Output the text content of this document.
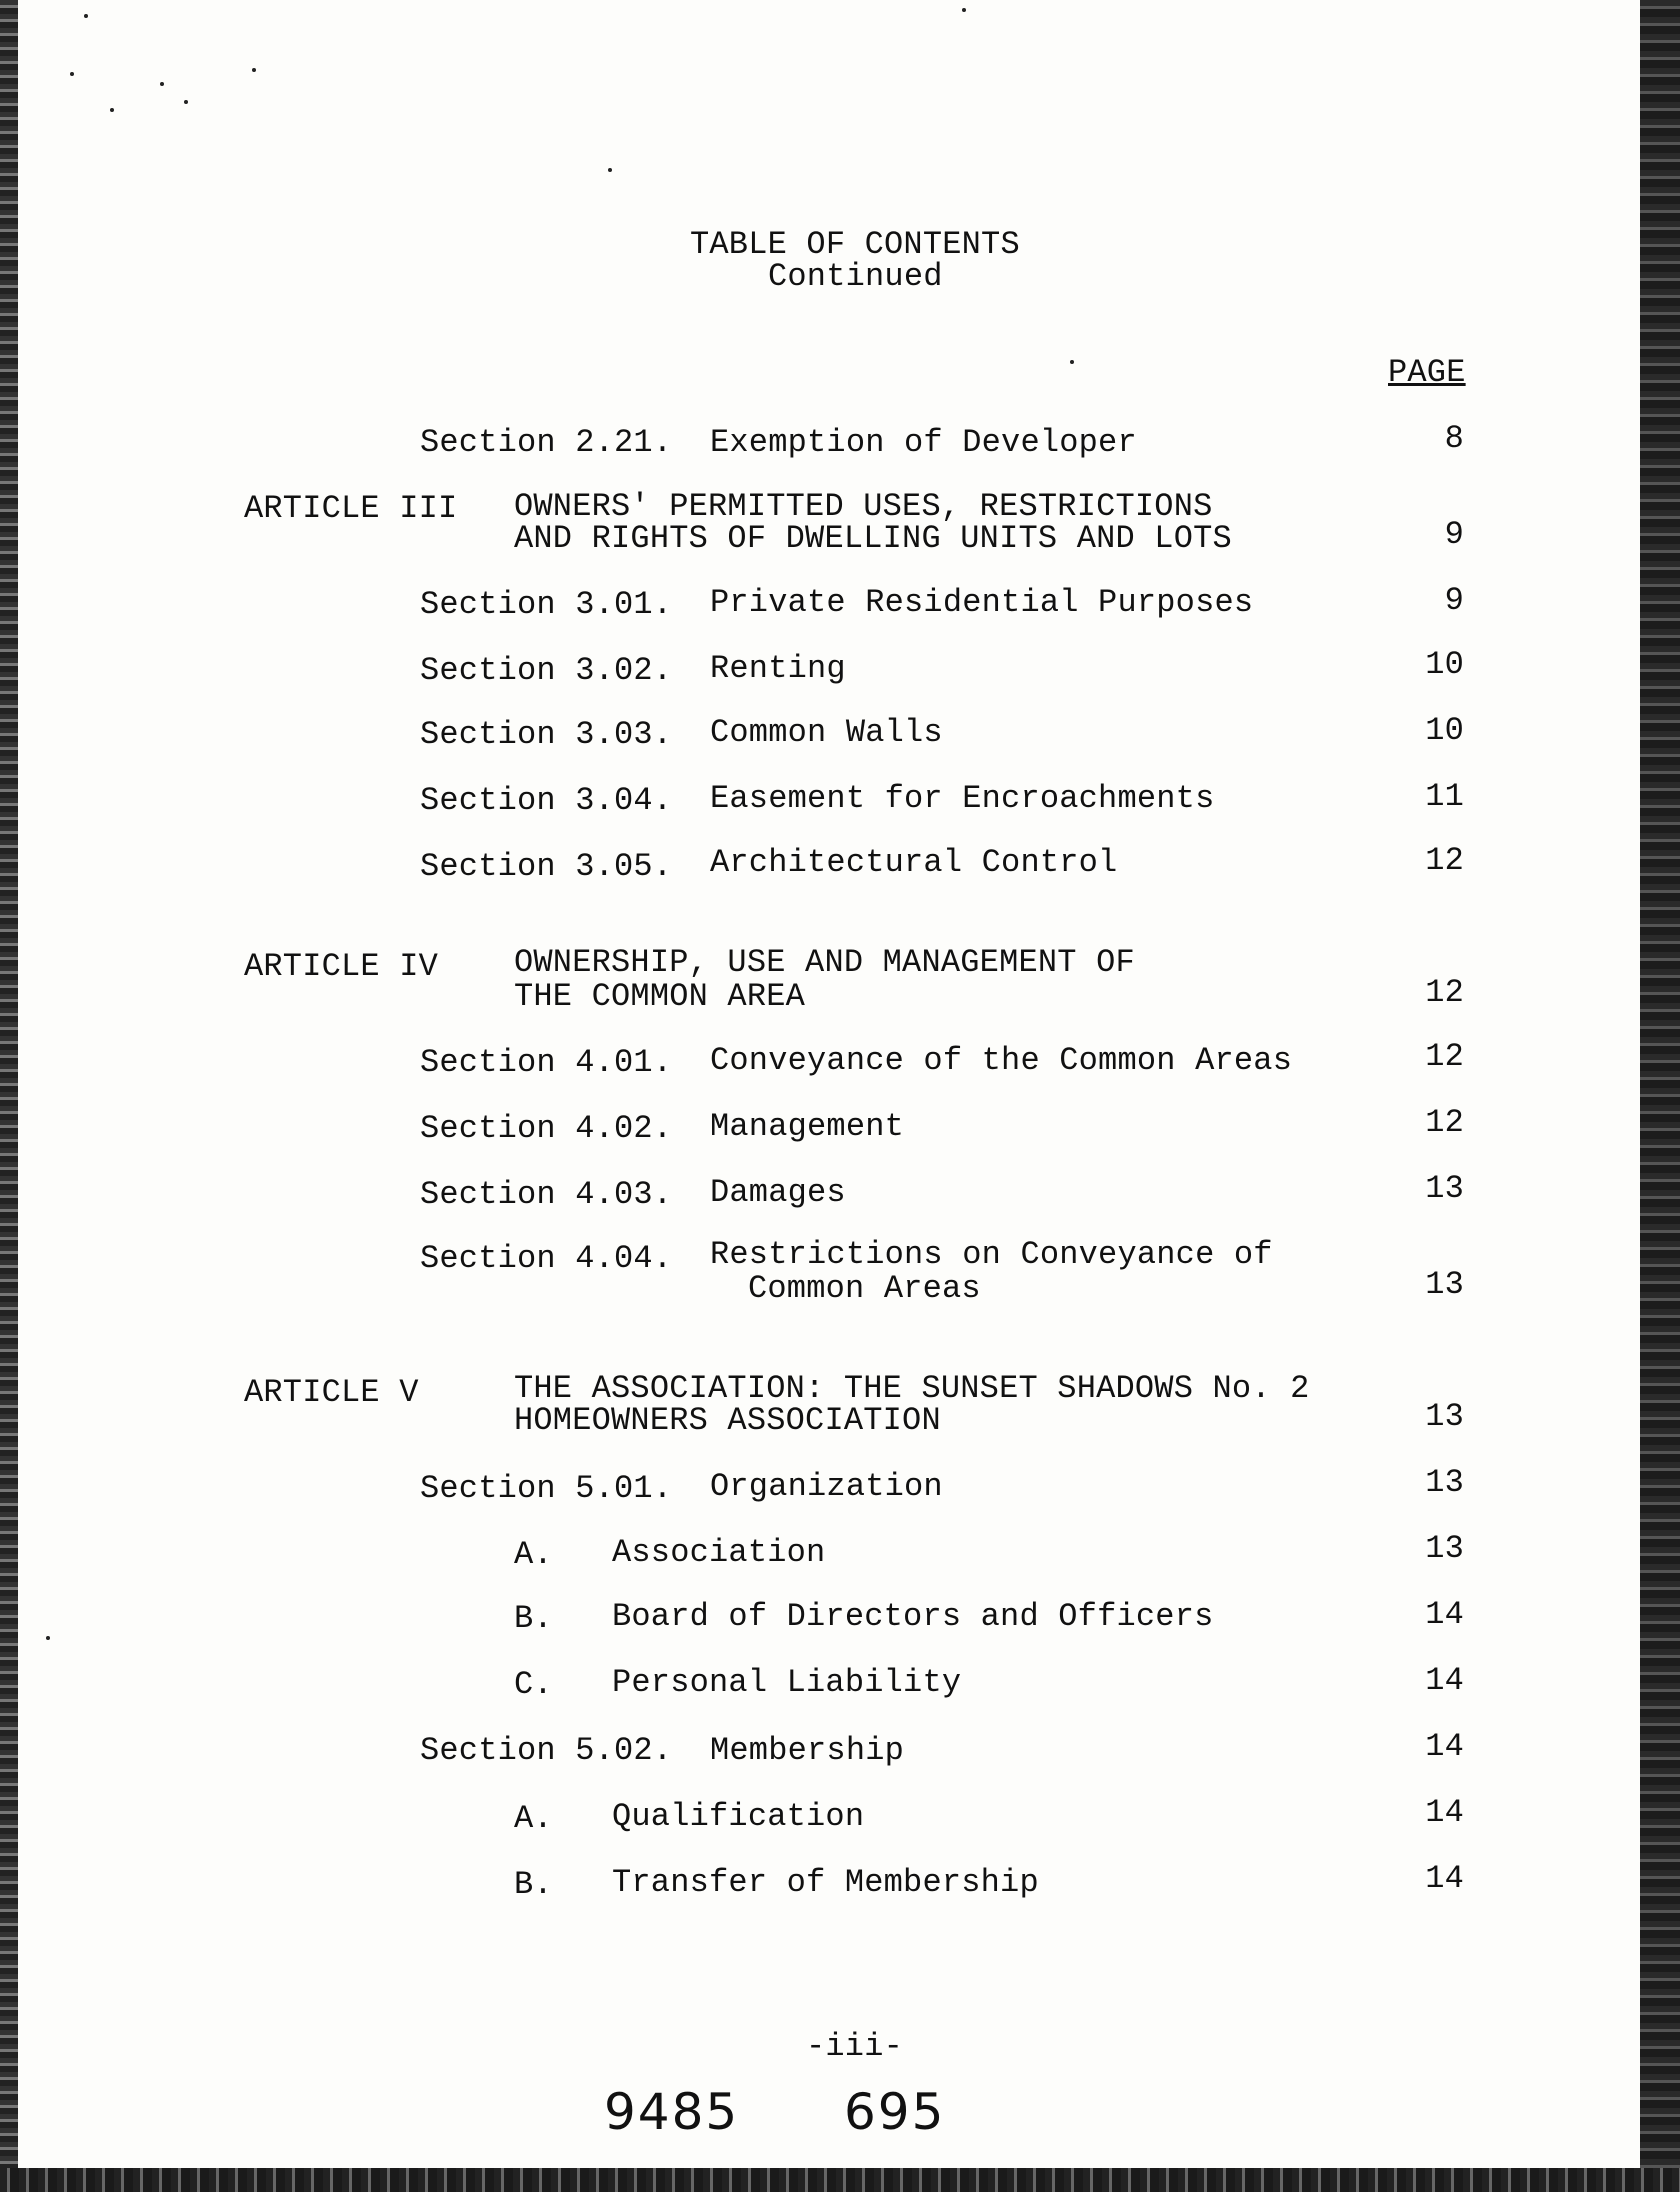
TABLE OF CONTENTS
Continued
PAGE
Section 2.21. Exemption of Developer	8
ARTICLE III OWNERS' PERMITTED USES, RESTRICTIONS
AND RIGHTS OF DWELLING UNITS AND LOTS	9
Section 3.01. Private Residential Purposes	9
Section 3.02. Renting	10
Section 3.03. Common Walls	10
Section 3.04. Easement for Encroachments	11
Section 3.05. Architectural Control	12
ARTICLE IV OWNERSHIP, USE AND MANAGEMENT OF
THE COMMON AREA	12
Section 4.01. Conveyance of the Common Areas	12
Section 4.02. Management	12
Section 4.03. Damages	13
Section 4.04. Restrictions on Conveyance of
Common Areas	13
ARTICLE V	THE ASSOCIATION: THE SUNSET SHADOWS No. 2
HOMEOWNERS ASSOCIATION	13
Section 5.01. Organization	13
A. Association	13
B. Board of Directors and Officers	14
C. Personal Liability	14
Section 5.02. Membership	14
A. Qualification	14
B. Transfer of Membership	14
-iii-
9485 695
